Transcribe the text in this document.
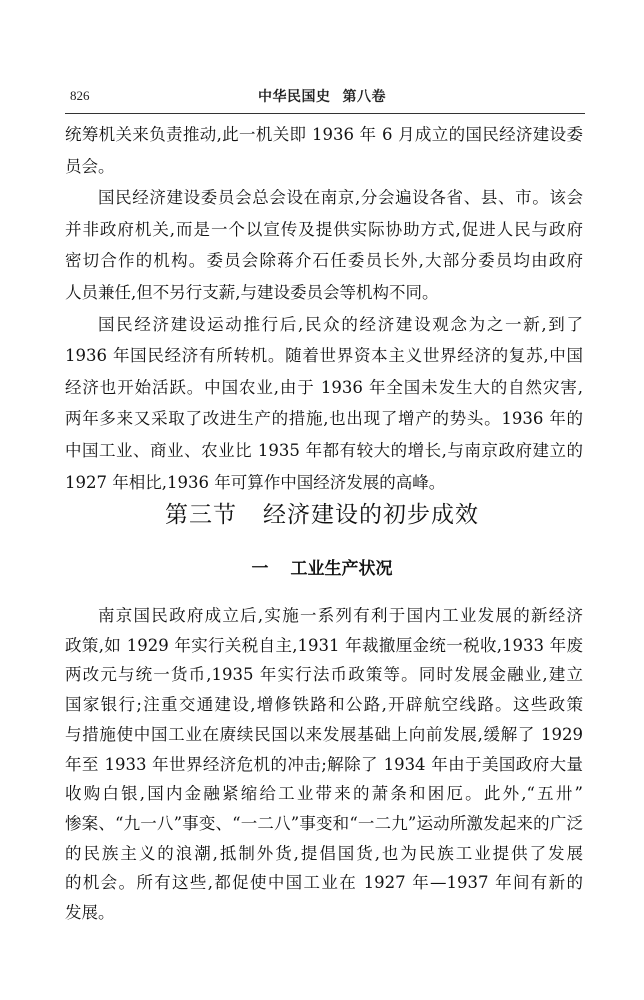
826	中华民国史 第八卷
统筹机关来负责推动,此一机关即 1936 年 6 月成立的国民经济建设委
员会。
国民经济建设委员会总会设在南京,分会遍设各省、县、市。该会
并非政府机关,而是一个以宣传及提供实际协助方式,促进人民与政府
密切合作的机构。委员会除蒋介石任委员长外,大部分委员均由政府
人员兼任,但不另行支薪,与建设委员会等机构不同。
国民经济建设运动推行后,民众的经济建设观念为之一新,到了
1936 年国民经济有所转机。随着世界资本主义世界经济的复苏,中国
经济也开始活跃。中国农业,由于 1936 年全国未发生大的自然灾害,
两年多来又采取了改进生产的措施,也出现了增产的势头。1936 年的
中国工业、商业、农业比 1935 年都有较大的增长,与南京政府建立的
1927 年相比,1936 年可算作中国经济发展的高峰。
第三节 经济建设的初步成效
一 工业生产状况
南京国民政府成立后,实施一系列有利于国内工业发展的新经济
政策,如 1929 年实行关税自主,1931 年裁撤厘金统一税收,1933 年废
两改元与统一货币,1935 年实行法币政策等。同时发展金融业,建立
国家银行;注重交通建设,增修铁路和公路,开辟航空线路。这些政策
与措施使中国工业在赓续民国以来发展基础上向前发展,缓解了 1929
年至 1933 年世界经济危机的冲击;解除了 1934 年由于美国政府大量
收购白银,国内金融紧缩给工业带来的萧条和困厄。此外,“五卅”
惨案、“九一八”事变、“一二八”事变和“一二九”运动所激发起来的广泛
的民族主义的浪潮,抵制外货,提倡国货,也为民族工业提供了发展
的机会。所有这些,都促使中国工业在 1927 年—1937 年间有新的
发展。
